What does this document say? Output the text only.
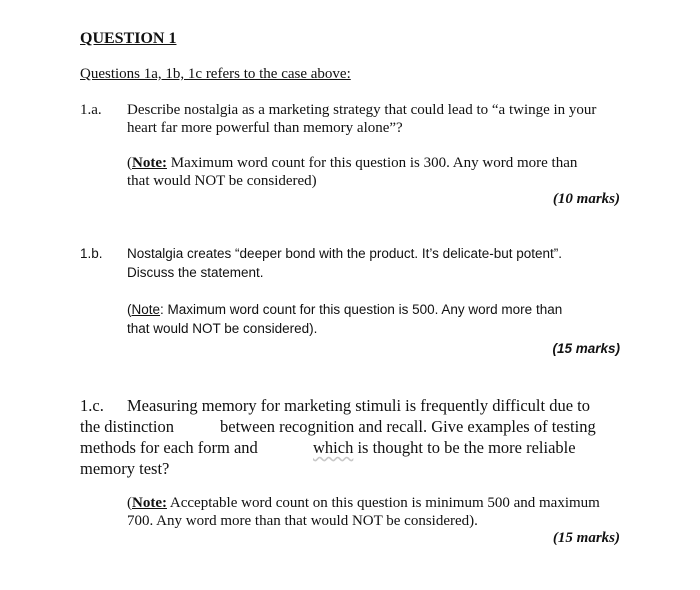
QUESTION 1
Questions 1a, 1b, 1c refers to the case above:
1.a. Describe nostalgia as a marketing strategy that could lead to “a twinge in your
heart far more powerful than memory alone”?
(Note: Maximum word count for this question is 300. Any word more than
that would NOT be considered)
(10 marks)
1.b. Nostalgia creates “deeper bond with the product. It’s delicate-but potent”.
Discuss the statement.
(Note: Maximum word count for this question is 500. Any word more than
that would NOT be considered).
(15 marks)
1.c. Measuring memory for marketing stimuli is frequently difficult due to
the distinction	between recognition and recall. Give examples of testing
methods for each form and	which is thought to be the more reliable
memory test?
(Note: Acceptable word count on this question is minimum 500 and maximum
700. Any word more than that would NOT be considered).
(15 marks)
